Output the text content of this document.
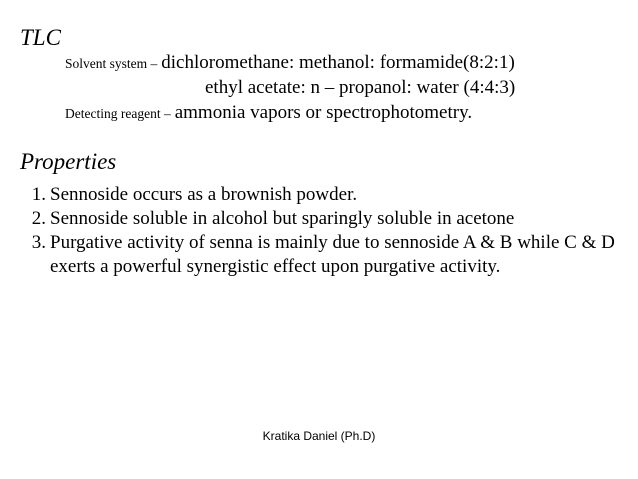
TLC
Solvent system – dichloromethane: methanol: formamide(8:2:1)
ethyl acetate: n – propanol: water (4:4:3)
Detecting reagent – ammonia vapors or spectrophotometry.
Properties
1. Sennoside occurs as a brownish powder.
2. Sennoside soluble in alcohol but sparingly soluble in acetone
3. Purgative activity of senna is mainly due to sennoside A & B while C & D exerts a powerful synergistic effect upon purgative activity.
Kratika Daniel (Ph.D)
